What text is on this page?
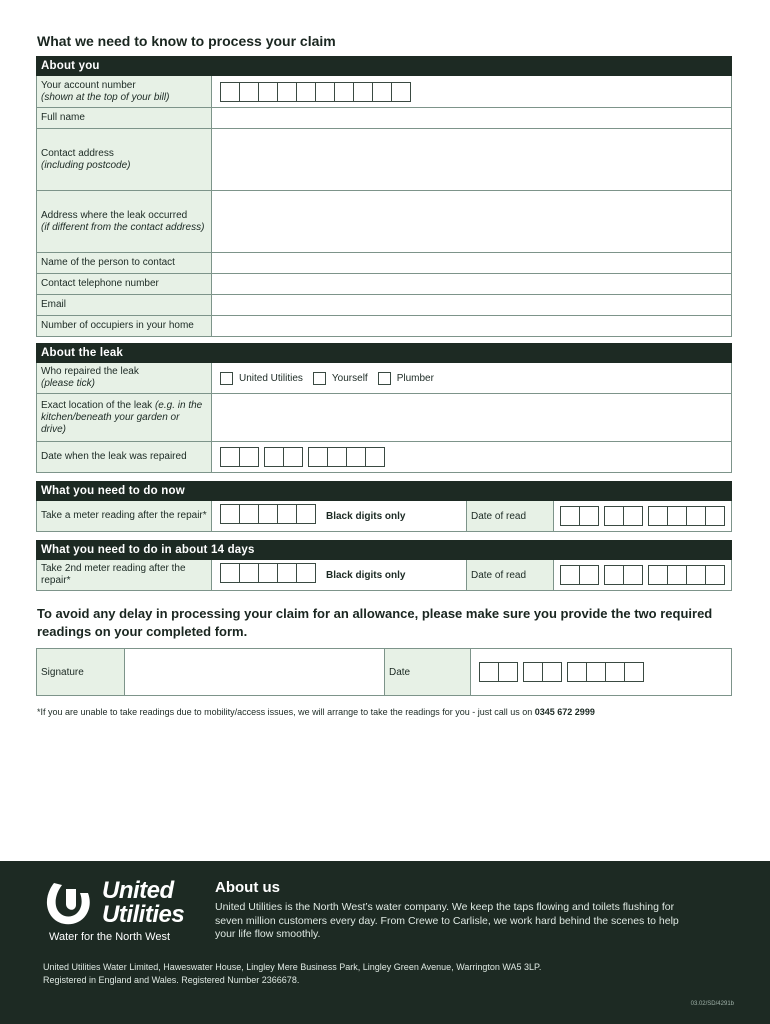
What we need to know to process your claim
About you
Your account number
(shown at the top of your bill)
Full name
Contact address
(including postcode)
Address where the leak occurred
(if different from the contact address)
Name of the person to contact
Contact telephone number
Email
Number of occupiers in your home
About the leak
Who repaired the leak
(please tick)	United Utilities	Yourself	Plumber
Exact location of the leak (e.g. in the kitchen/beneath your garden or drive)
Date when the leak was repaired
What you need to do now
Take a meter reading after the repair*	Black digits only	Date of read
What you need to do in about 14 days
Take 2nd meter reading after the repair*	Black digits only	Date of read
To avoid any delay in processing your claim for an allowance, please make sure you provide the two required readings on your completed form.
Signature	Date
*If you are unable to take readings due to mobility/access issues, we will arrange to take the readings for you - just call us on 0345 672 2999
United
Utilities
Water for the North West
About us
United Utilities is the North West’s water company. We keep the taps flowing and toilets flushing for seven million customers every day. From Crewe to Carlisle, we work hard behind the scenes to help your life flow smoothly.
United Utilities Water Limited, Haweswater House, Lingley Mere Business Park, Lingley Green Avenue, Warrington WA5 3LP.
Registered in England and Wales. Registered Number 2366678.
03.02/SD/4291b
